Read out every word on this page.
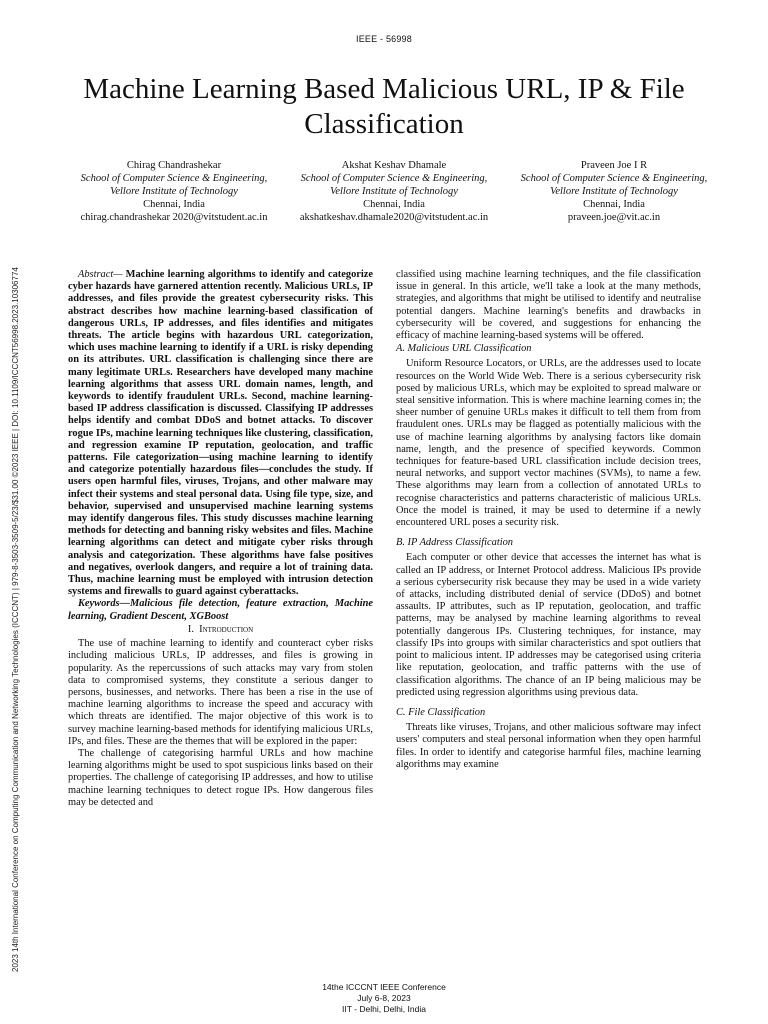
IEEE - 56998
2023 14th International Conference on Computing Communication and Networking Technologies (ICCCNT) | 979-8-3503-3509-5/23/$31.00 ©2023 IEEE | DOI: 10.1109/ICCCNT56998.2023.10306774
Machine Learning Based Malicious URL, IP & File Classification
Chirag Chandrashekar
School of Computer Science & Engineering,
Vellore Institute of Technology
Chennai, India
chirag.chandrashekar 2020@vitstudent.ac.in
Akshat Keshav Dhamale
School of Computer Science & Engineering,
Vellore Institute of Technology
Chennai, India
akshatkeshav.dhamale2020@vitstudent.ac.in
Praveen Joe I R
School of Computer Science & Engineering,
Vellore Institute of Technology
Chennai, India
praveen.joe@vit.ac.in

Abstract— Machine learning algorithms to identify and categorize cyber hazards have garnered attention recently. Malicious URLs, IP addresses, and files provide the greatest cybersecurity risks. This abstract describes how machine learning-based classification of dangerous URLs, IP addresses, and files identifies and mitigates threats. The article begins with hazardous URL categorization, which uses machine learning to identify if a URL is risky depending on its attributes. URL classification is challenging since there are many legitimate URLs. Researchers have developed many machine learning algorithms that assess URL domain names, length, and keywords to identify fraudulent URLs. Second, machine learning-based IP address classification is discussed. Classifying IP addresses helps identify and combat DDoS and botnet attacks. To discover rogue IPs, machine learning techniques like clustering, classification, and regression examine IP reputation, geolocation, and traffic patterns. File categorization—using machine learning to identify and categorize potentially hazardous files—concludes the study. If users open harmful files, viruses, Trojans, and other malware may infect their systems and steal personal data. Using file type, size, and behavior, supervised and unsupervised machine learning systems may identify dangerous files. This study discusses machine learning methods for detecting and banning risky websites and files. Machine learning algorithms can detect and mitigate cyber risks through analysis and categorization. These algorithms have false positives and negatives, overlook dangers, and require a lot of training data. Thus, machine learning must be employed with intrusion detection systems and firewalls to guard against cyberattacks.

Keywords—Malicious file detection, feature extraction, Machine learning, Gradient Descent, XGBoost

I. Introduction

The use of machine learning to identify and counteract cyber risks including malicious URLs, IP addresses, and files is growing in popularity. As the repercussions of such attacks may vary from stolen data to compromised systems, they constitute a serious danger to persons, businesses, and networks. There has been a rise in the use of machine learning algorithms to increase the speed and accuracy with which threats are identified. The major objective of this work is to survey machine learning-based methods for identifying malicious URLs, IPs, and files. These are the themes that will be explored in the paper:

The challenge of categorising harmful URLs and how machine learning algorithms might be used to spot suspicious links based on their properties. The challenge of categorising IP addresses, and how to utilise machine learning techniques to detect rogue IPs. How dangerous files may be detected and

classified using machine learning techniques, and the file classification issue in general. In this article, we'll take a look at the many methods, strategies, and algorithms that might be utilised to identify and neutralise potential dangers. Machine learning's benefits and drawbacks in cybersecurity will be covered, and suggestions for enhancing the efficacy of machine learning-based systems will be offered.

A. Malicious URL Classification

Uniform Resource Locators, or URLs, are the addresses used to locate resources on the World Wide Web. There is a serious cybersecurity risk posed by malicious URLs, which may be exploited to spread malware or steal sensitive information. This is where machine learning comes in; the sheer number of genuine URLs makes it difficult to tell them from from fraudulent ones. URLs may be flagged as potentially malicious with the use of machine learning algorithms by analysing factors like domain name, length, and the presence of specified keywords. Common techniques for feature-based URL classification include decision trees, neural networks, and support vector machines (SVMs), to name a few. These algorithms may learn from a collection of annotated URLs to recognise characteristics and patterns characteristic of malicious URLs. Once the model is trained, it may be used to determine if a newly encountered URL poses a security risk.

B. IP Address Classification

Each computer or other device that accesses the internet has what is called an IP address, or Internet Protocol address. Malicious IPs provide a serious cybersecurity risk because they may be used in a wide variety of attacks, including distributed denial of service (DDoS) and botnet assaults. IP attributes, such as IP reputation, geolocation, and traffic patterns, may be analysed by machine learning algorithms to reveal potentially dangerous IPs. Clustering techniques, for instance, may classify IPs into groups with similar characteristics and spot outliers that point to malicious intent. IP addresses may be categorised using criteria like reputation, geolocation, and traffic patterns with the use of classification algorithms. The chance of an IP being malicious may be predicted using regression algorithms using previous data.

C. File Classification

Threats like viruses, Trojans, and other malicious software may infect users' computers and steal personal information when they open harmful files. In order to identify and categorise harmful files, machine learning algorithms may examine

14the ICCCNT IEEE Conference
July 6-8, 2023
IIT - Delhi, Delhi, India
